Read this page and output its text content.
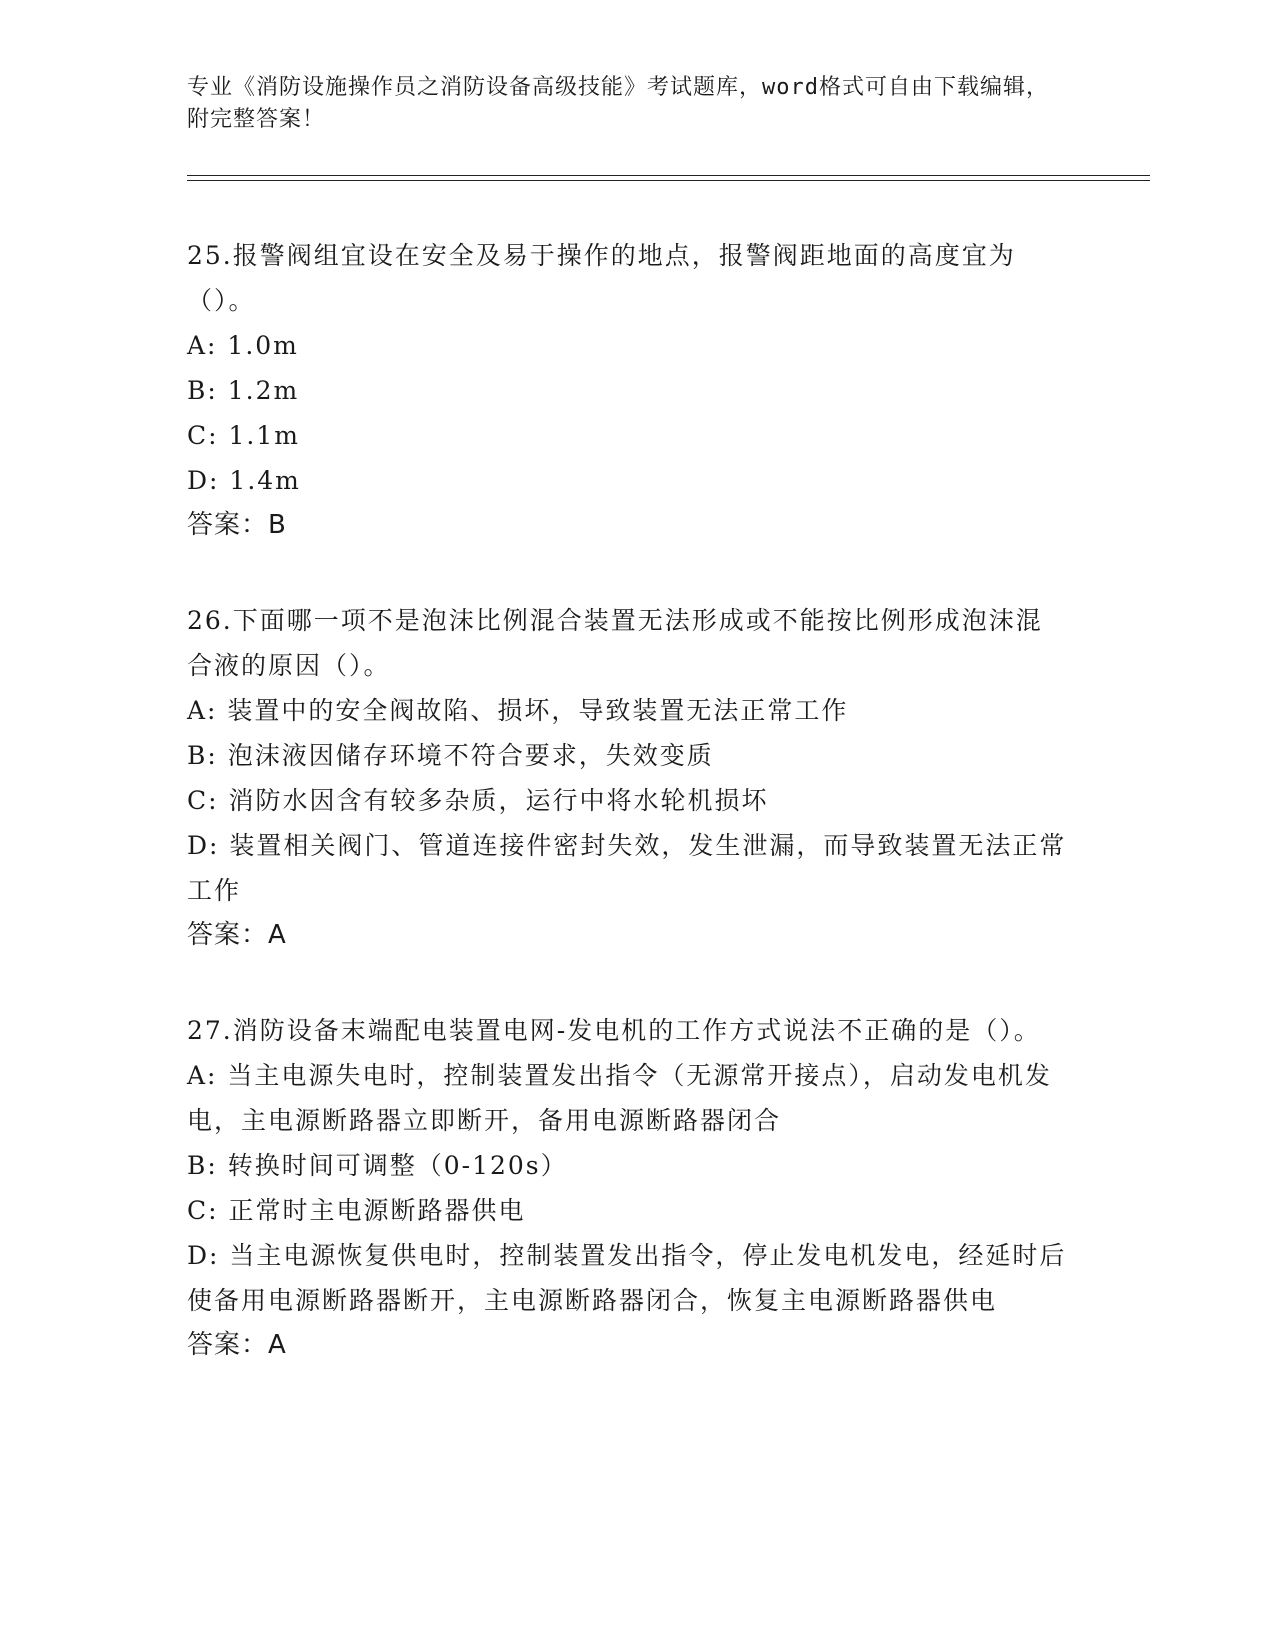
专业《消防设施操作员之消防设备高级技能》考试题库，word格式可自由下载编辑，附完整答案！

25.报警阀组宜设在安全及易于操作的地点，报警阀距地面的高度宜为（）。

A: 1.0m

B: 1.2m

C: 1.1m

D: 1.4m

答案：B

26.下面哪一项不是泡沫比例混合装置无法形成或不能按比例形成泡沫混合液的原因（）。

A: 装置中的安全阀故陷、损坏，导致装置无法正常工作

B: 泡沫液因储存环境不符合要求，失效变质

C: 消防水因含有较多杂质，运行中将水轮机损坏

D: 装置相关阀门、管道连接件密封失效，发生泄漏，而导致装置无法正常工作

答案：A

27.消防设备末端配电装置电网-发电机的工作方式说法不正确的是（）。

A: 当主电源失电时，控制装置发出指令（无源常开接点），启动发电机发电，主电源断路器立即断开，备用电源断路器闭合

B: 转换时间可调整（0-120s）

C: 正常时主电源断路器供电

D: 当主电源恢复供电时，控制装置发出指令，停止发电机发电，经延时后使备用电源断路器断开，主电源断路器闭合，恢复主电源断路器供电

答案：A
